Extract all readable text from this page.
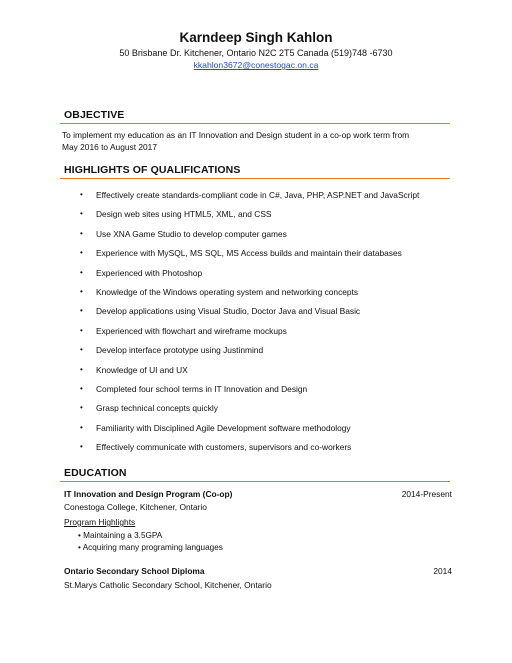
Karndeep Singh Kahlon
50 Brisbane Dr. Kitchener, Ontario N2C 2T5 Canada (519)748 -6730
kkahlon3672@conestogac.on.ca
OBJECTIVE
To implement my education as an IT Innovation and Design student in a co-op work term from
May 2016 to August 2017
HIGHLIGHTS OF QUALIFICATIONS
• Effectively create standards-compliant code in C#, Java, PHP, ASP.NET and JavaScript
• Design web sites using HTML5, XML, and CSS
• Use XNA Game Studio to develop computer games
• Experience with MySQL, MS SQL, MS Access builds and maintain their databases
• Experienced with Photoshop
• Knowledge of the Windows operating system and networking concepts
• Develop applications using Visual Studio, Doctor Java and Visual Basic
• Experienced with flowchart and wireframe mockups
• Develop interface prototype using Justinmind
• Knowledge of UI and UX
• Completed four school terms in IT Innovation and Design
• Grasp technical concepts quickly
• Familiarity with Disciplined Agile Development software methodology
• Effectively communicate with customers, supervisors and co-workers
EDUCATION
IT Innovation and Design Program (Co-op)	2014-Present
Conestoga College, Kitchener, Ontario
Program Highlights
• Maintaining a 3.5GPA
• Acquiring many programing languages
Ontario Secondary School Diploma	2014
St.Marys Catholic Secondary School, Kitchener, Ontario
